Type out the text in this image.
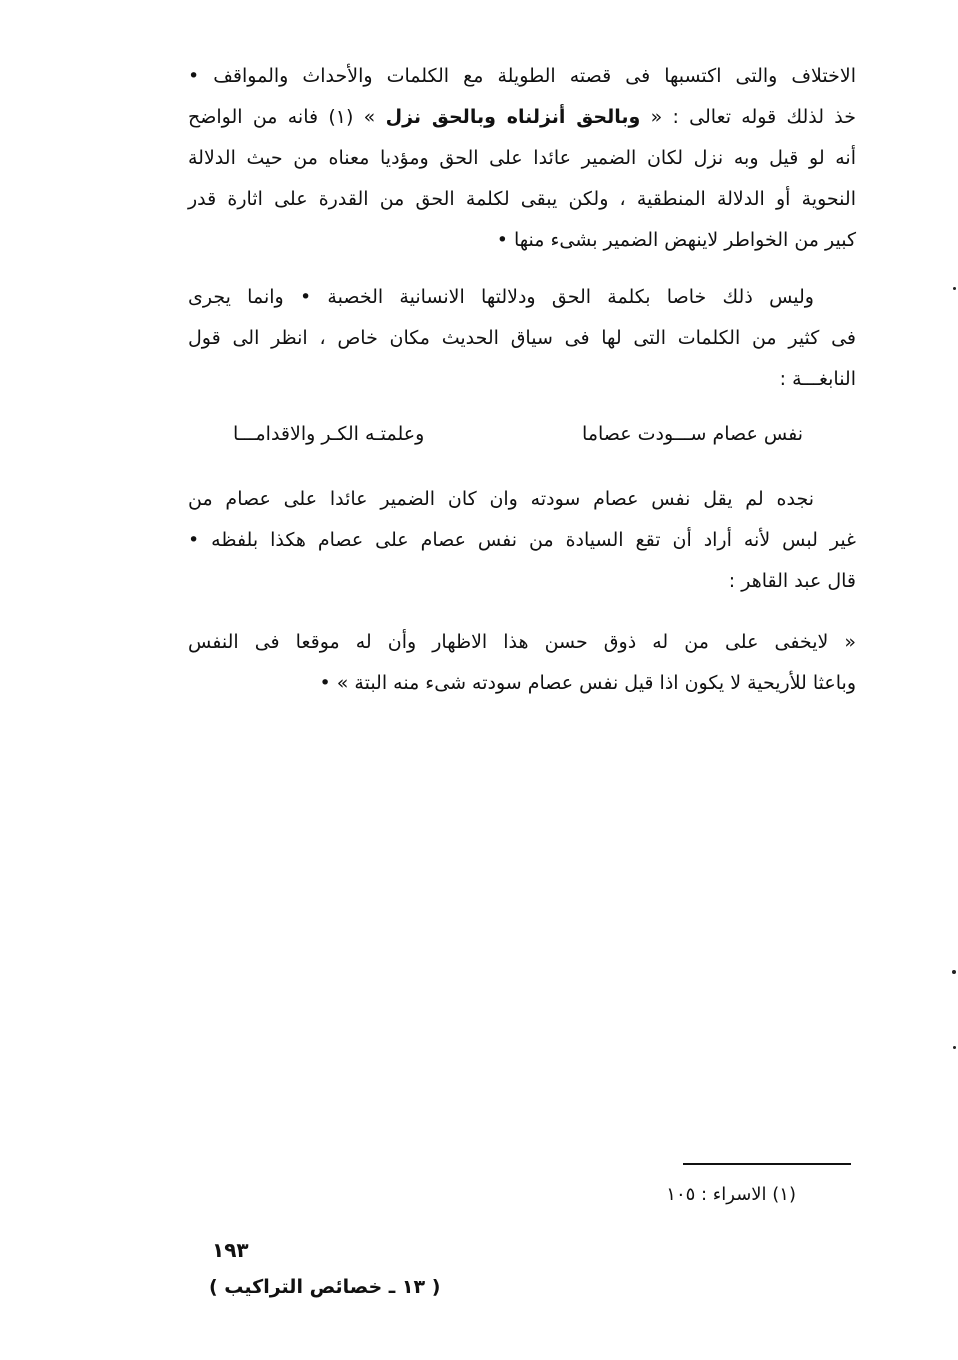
الاختلاف والتى اكتسبها فى قصته الطويلة مع الكلمات والأحداث والمواقف •
خذ لذلك قوله تعالى : « وبالحق أنزلناه وبالحق نزل » (١) فانه من الواضح
أنه لو قيل وبه نزل لكان الضمير عائدا على الحق ومؤديا معناه من حيث الدلالة
النحوية أو الدلالة المنطقية ، ولكن يبقى لكلمة الحق من القدرة على اثارة قدر
كبير من الخواطر لاينهض الضمير بشىء منها •
وليس ذلك خاصا بكلمة الحق ودلالتها الانسانية الخصبة • وانما يجرى
فى كثير من الكلمات التى لها فى سياق الحديث مكان خاص ، انظر الى قول
النابغـــة :
نفس عصام ســـودت عصاما
وعلمتـه الكـر والاقدامـــا
نجده لم يقل نفس عصام سودته وان كان الضمير عائدا على عصام من
غير لبس لأنه أراد أن تقع السيادة من نفس عصام على عصام هكذا بلفظه •
قال عبد القاهر :
« لايخفى على من له ذوق حسن هذا الاظهار وأن له موقعا فى النفس
وباعثا للأريحية لا يكون اذا قيل نفس عصام سودته شىء منه البتة » •
(١) الاسراء : ١٠٥
١٩٣
( ١٣ ـ خصائص التراكيب )
